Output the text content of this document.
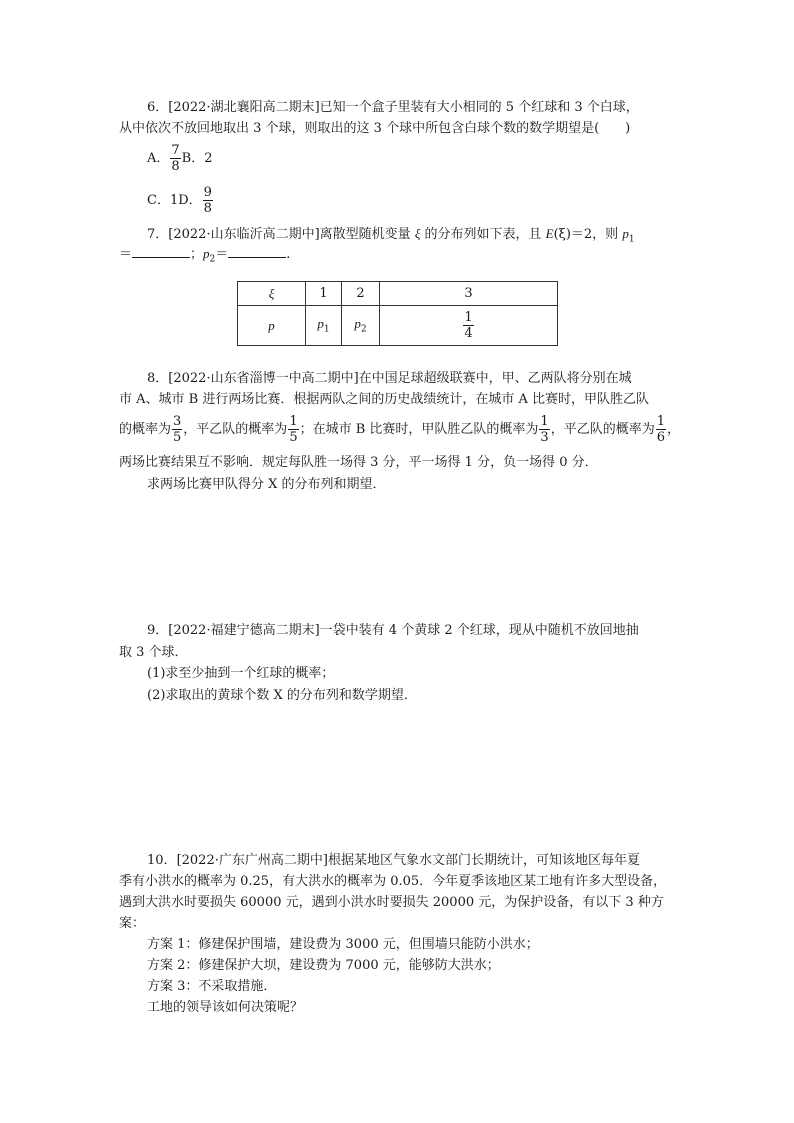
6．[2022·湖北襄阳高二期末]已知一个盒子里装有大小相同的 5 个红球和 3 个白球，
从中依次不放回地取出 3 个球，则取出的这 3 个球中所包含白球个数的数学期望是(　　)
A． $\frac{7}{8}$ B．2
C．1D． $\frac{9}{8}$
7．[2022·山东临沂高二期中]离散型随机变量 ξ 的分布列如下表，且 E(ξ)＝2，则 $p_1$
＝	；$p_2=$	.
ξ	1	2	3
p	$p_1$	$p_2$	$\frac{1}{4}$
8．[2022·山东省淄博一中高二期中]在中国足球超级联赛中，甲、乙两队将分别在城
市 A、城市 B 进行两场比赛．根据两队之间的历史战绩统计，在城市 A 比赛时，甲队胜乙队
的概率为 $\frac{3}{5}$ ，平乙队的概率为 $\frac{1}{5}$ ；在城市 B 比赛时，甲队胜乙队的概率为 $\frac{1}{3}$ ，平乙队的概率为 $\frac{1}{6}$ ，
两场比赛结果互不影响．规定每队胜一场得 3 分，平一场得 1 分，负一场得 0 分．
求两场比赛甲队得分 X 的分布列和期望．
9．[2022·福建宁德高二期末]一袋中装有 4 个黄球 2 个红球，现从中随机不放回地抽
取 3 个球．
(1)求至少抽到一个红球的概率；
(2)求取出的黄球个数 X 的分布列和数学期望．
10．[2022·广东广州高二期中]根据某地区气象水文部门长期统计，可知该地区每年夏
季有小洪水的概率为 0.25，有大洪水的概率为 0.05．今年夏季该地区某工地有许多大型设备，
遇到大洪水时要损失 60000 元，遇到小洪水时要损失 20000 元，为保护设备，有以下 3 种方
案：
方案 1：修建保护围墙，建设费为 3000 元，但围墙只能防小洪水；
方案 2：修建保护大坝，建设费为 7000 元，能够防大洪水；
方案 3：不采取措施．
工地的领导该如何决策呢？
